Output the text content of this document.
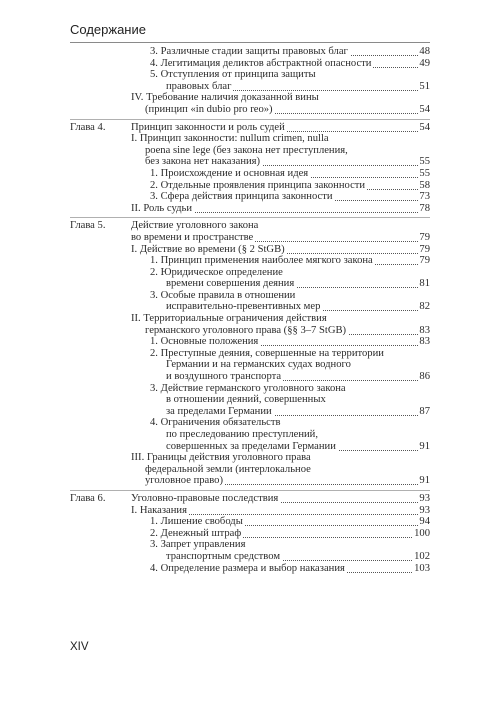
Содержание
3. Различные стадии защиты правовых благ	48
4. Легитимация деликтов абстрактной опасности	49
5. Отступления от принципа защиты
правовых благ	51
IV. Требование наличия доказанной вины
(принцип «in dubio pro reo»)	54
Глава 4. Принцип законности и роль судей	54
I. Принцип законности: nullum crimen, nulla
poena sine lege (без закона нет преступления,
без закона нет наказания)	55
1. Происхождение и основная идея	55
2. Отдельные проявления принципа законности	58
3. Сфера действия принципа законности	73
II. Роль судьи	78
Глава 5. Действие уголовного закона
во времени и пространстве	79
I. Действие во времени (§ 2 StGB)	79
1. Принцип применения наиболее мягкого закона	79
2. Юридическое определение
времени совершения деяния	81
3. Особые правила в отношении
исправительно-превентивных мер	82
II. Территориальные ограничения действия
германского уголовного права (§§ 3–7 StGB)	83
1. Основные положения	83
2. Преступные деяния, совершенные на территории
Германии и на германских судах водного
и воздушного транспорта	86
3. Действие германского уголовного закона
в отношении деяний, совершенных
за пределами Германии	87
4. Ограничения обязательств
по преследованию преступлений,
совершенных за пределами Германии	91
III. Границы действия уголовного права
федеральной земли (интерлокальное
уголовное право)	91
Глава 6. Уголовно-правовые последствия	93
I. Наказания	93
1. Лишение свободы	94
2. Денежный штраф	100
3. Запрет управления
транспортным средством	102
4. Определение размера и выбор наказания	103
XIV
